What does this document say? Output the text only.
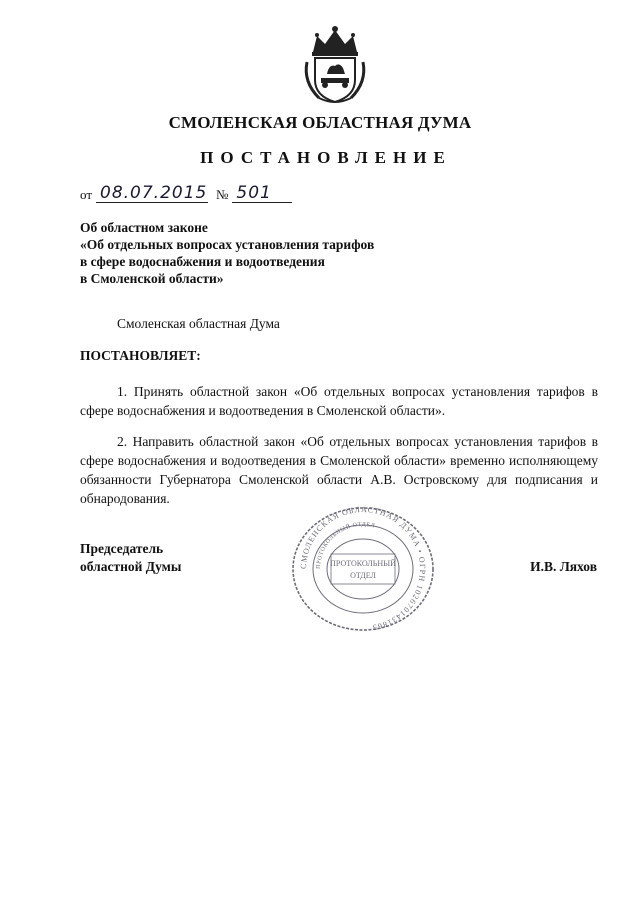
СМОЛЕНСКАЯ ОБЛАСТНАЯ ДУМА
ПОСТАНОВЛЕНИЕ
от 08.07.2015 № 501
Об областном законе
«Об отдельных вопросах установления тарифов
в сфере водоснабжения и водоотведения
в Смоленской области»
Смоленская областная Дума
ПОСТАНОВЛЯЕТ:
1. Принять областной закон «Об отдельных вопросах установления тарифов в сфере водоснабжения и водоотведения в Смоленской области».
2. Направить областной закон «Об отдельных вопросах установления тарифов в сфере водоснабжения и водоотведения в Смоленской области» временно исполняющему обязанности Губернатора Смоленской области А.В. Островскому для подписания и обнародования.
Председатель
областной Думы	И.В. Ляхов
СМОЛЕНСКАЯ ОБЛАСТНАЯ ДУМА • ОГРН 1026701431865
ПРОТОКОЛЬНЫЙ ОТДЕЛ
ПРОТОКОЛЬНЫЙ
ОТДЕЛ
